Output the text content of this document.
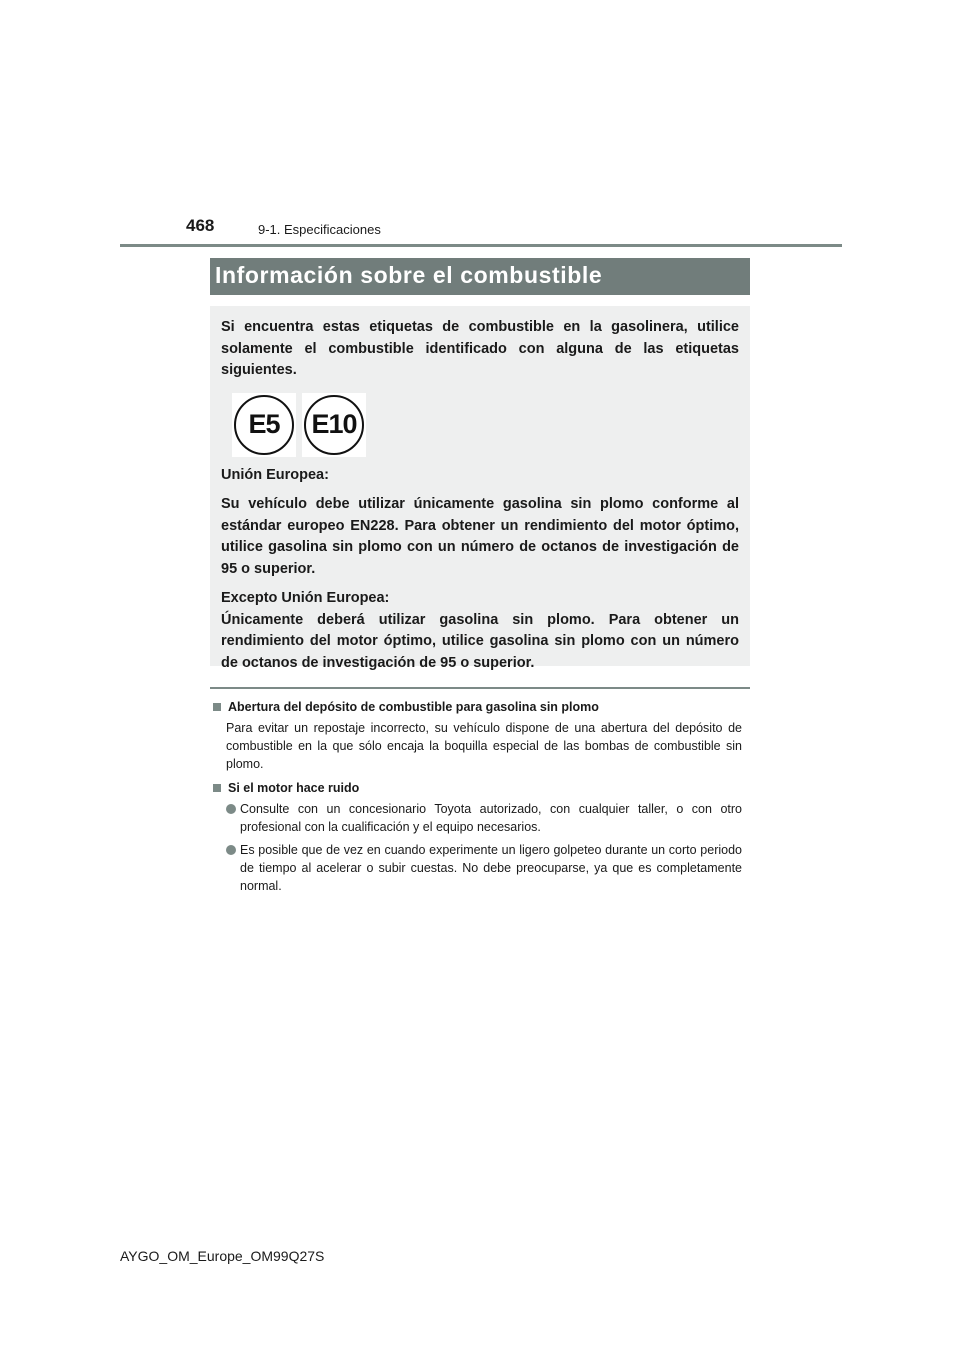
468	9-1. Especificaciones
Información sobre el combustible

Si encuentra estas etiquetas de combustible en la gasolinera, utilice solamente el combustible identificado con alguna de las etiquetas siguientes.

E5	E10

Unión Europea:

Su vehículo debe utilizar únicamente gasolina sin plomo conforme al estándar europeo EN228. Para obtener un rendimiento del motor óptimo, utilice gasolina sin plomo con un número de octanos de investigación de 95 o superior.

Excepto Unión Europea:

Únicamente deberá utilizar gasolina sin plomo. Para obtener un rendimiento del motor óptimo, utilice gasolina sin plomo con un número de octanos de investigación de 95 o superior.

Abertura del depósito de combustible para gasolina sin plomo
Para evitar un repostaje incorrecto, su vehículo dispone de una abertura del depósito de combustible en la que sólo encaja la boquilla especial de las bombas de combustible sin plomo.
Si el motor hace ruido
Consulte con un concesionario Toyota autorizado, con cualquier taller, o con otro profesional con la cualificación y el equipo necesarios.
Es posible que de vez en cuando experimente un ligero golpeteo durante un corto periodo de tiempo al acelerar o subir cuestas. No debe preocuparse, ya que es completamente normal.
AYGO_OM_Europe_OM99Q27S
